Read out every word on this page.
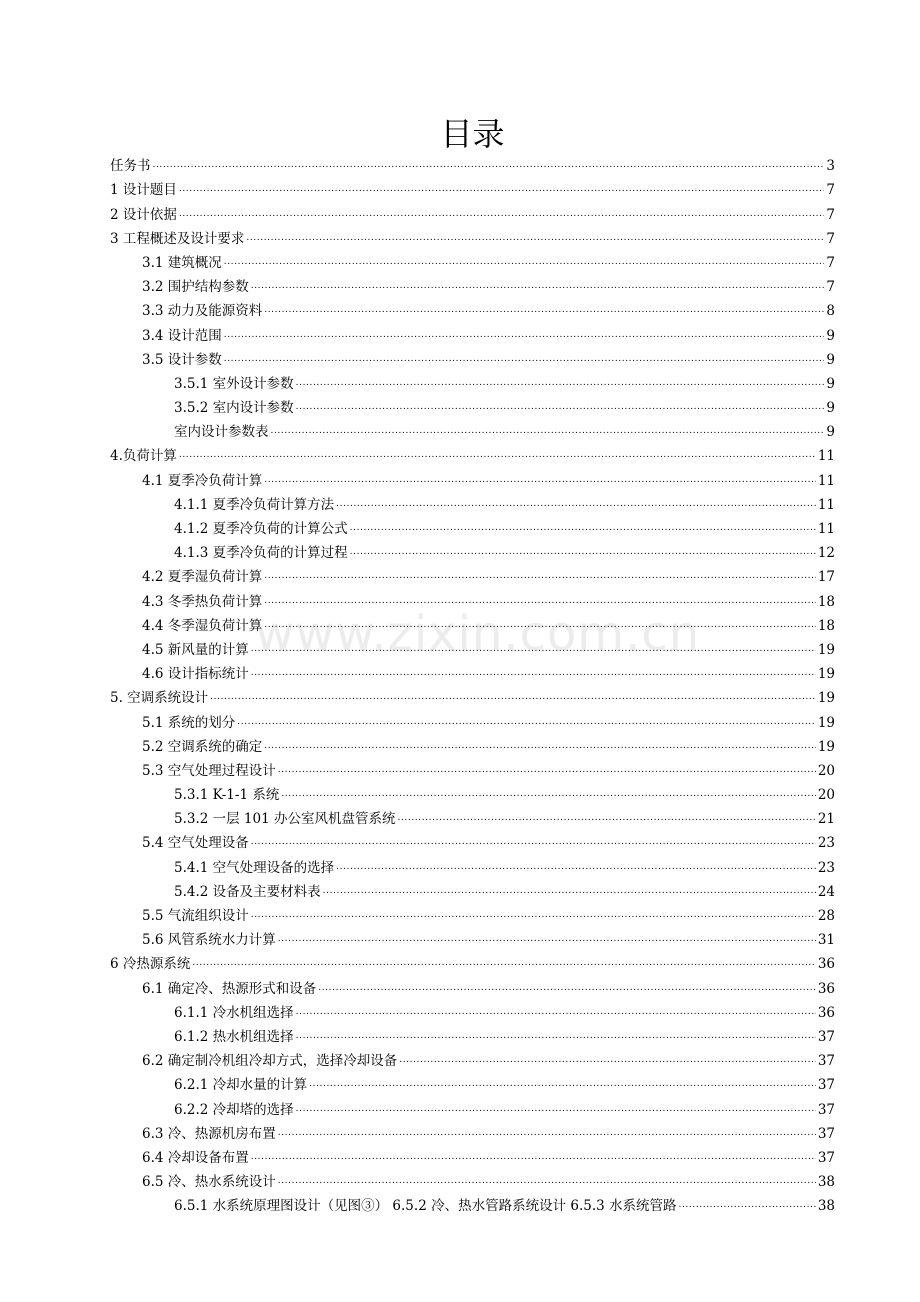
www.zixin.com.cn
目录
任务书 .....	3
1 设计题目 .....	7
2 设计依据 .....	7
3 工程概述及设计要求 .....	7
3.1 建筑概况 .....	7
3.2 围护结构参数 .....	7
3.3 动力及能源资料 .....	8
3.4 设计范围 .....	9
3.5 设计参数 .....	9
3.5.1 室外设计参数 .....	9
3.5.2 室内设计参数 .....	9
室内设计参数表 .....	9
4.负荷计算 .....	11
4.1 夏季冷负荷计算 .....	11
4.1.1 夏季冷负荷计算方法 .....	11
4.1.2 夏季冷负荷的计算公式 .....	11
4.1.3 夏季冷负荷的计算过程 .....	12
4.2 夏季湿负荷计算 .....	17
4.3 冬季热负荷计算 .....	18
4.4 冬季湿负荷计算 .....	18
4.5 新风量的计算 .....	19
4.6 设计指标统计 .....	19
5. 空调系统设计 .....	19
5.1 系统的划分 .....	19
5.2 空调系统的确定 .....	19
5.3 空气处理过程设计 .....	20
5.3.1 K-1-1 系统 .....	20
5.3.2 一层 101 办公室风机盘管系统 .....	21
5.4 空气处理设备 .....	23
5.4.1 空气处理设备的选择 .....	23
5.4.2 设备及主要材料表 .....	24
5.5 气流组织设计 .....	28
5.6 风管系统水力计算 .....	31
6 冷热源系统 .....	36
6.1 确定冷、热源形式和设备 .....	36
6.1.1 冷水机组选择 .....	36
6.1.2 热水机组选择 .....	37
6.2 确定制冷机组冷却方式，选择冷却设备 .....	37
6.2.1 冷却水量的计算 .....	37
6.2.2 冷却塔的选择 .....	37
6.3 冷、热源机房布置 .....	37
6.4 冷却设备布置 .....	37
6.5 冷、热水系统设计 .....	38
6.5.1 水系统原理图设计（见图③） 6.5.2 冷、热水管路系统设计 6.5.3 水系统管路 .....	38
